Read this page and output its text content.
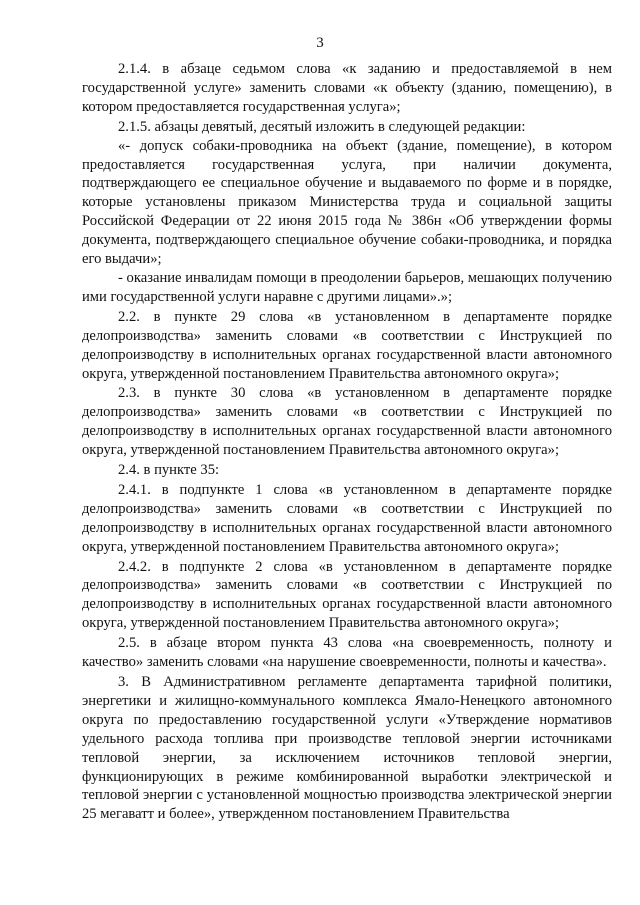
3

2.1.4. в абзаце седьмом слова «к заданию и предоставляемой в нем государственной услуге» заменить словами «к объекту (зданию, помещению), в котором предоставляется государственная услуга»;

2.1.5. абзацы девятый, десятый изложить в следующей редакции:

«- допуск собаки-проводника на объект (здание, помещение), в котором предоставляется государственная услуга, при наличии документа, подтверждающего ее специальное обучение и выдаваемого по форме и в порядке, которые установлены приказом Министерства труда и социальной защиты Российской Федерации от 22 июня 2015 года № 386н «Об утверждении формы документа, подтверждающего специальное обучение собаки-проводника, и порядка его выдачи»;

- оказание инвалидам помощи в преодолении барьеров, мешающих получению ими государственной услуги наравне с другими лицами».»;

2.2. в пункте 29 слова «в установленном в департаменте порядке делопроизводства» заменить словами «в соответствии с Инструкцией по делопроизводству в исполнительных органах государственной власти автономного округа, утвержденной постановлением Правительства автономного округа»;

2.3. в пункте 30 слова «в установленном в департаменте порядке делопроизводства» заменить словами «в соответствии с Инструкцией по делопроизводству в исполнительных органах государственной власти автономного округа, утвержденной постановлением Правительства автономного округа»;

2.4. в пункте 35:

2.4.1. в подпункте 1 слова «в установленном в департаменте порядке делопроизводства» заменить словами «в соответствии с Инструкцией по делопроизводству в исполнительных органах государственной власти автономного округа, утвержденной постановлением Правительства автономного округа»;

2.4.2. в подпункте 2 слова «в установленном в департаменте порядке делопроизводства» заменить словами «в соответствии с Инструкцией по делопроизводству в исполнительных органах государственной власти автономного округа, утвержденной постановлением Правительства автономного округа»;

2.5. в абзаце втором пункта 43 слова «на своевременность, полноту и качество» заменить словами «на нарушение своевременности, полноты и качества».

3. В Административном регламенте департамента тарифной политики, энергетики и жилищно-коммунального комплекса Ямало-Ненецкого автономного округа по предоставлению государственной услуги «Утверждение нормативов удельного расхода топлива при производстве тепловой энергии источниками тепловой энергии, за исключением источников тепловой энергии, функционирующих в режиме комбинированной выработки электрической и тепловой энергии с установленной мощностью производства электрической энергии 25 мегаватт и более», утвержденном постановлением Правительства
